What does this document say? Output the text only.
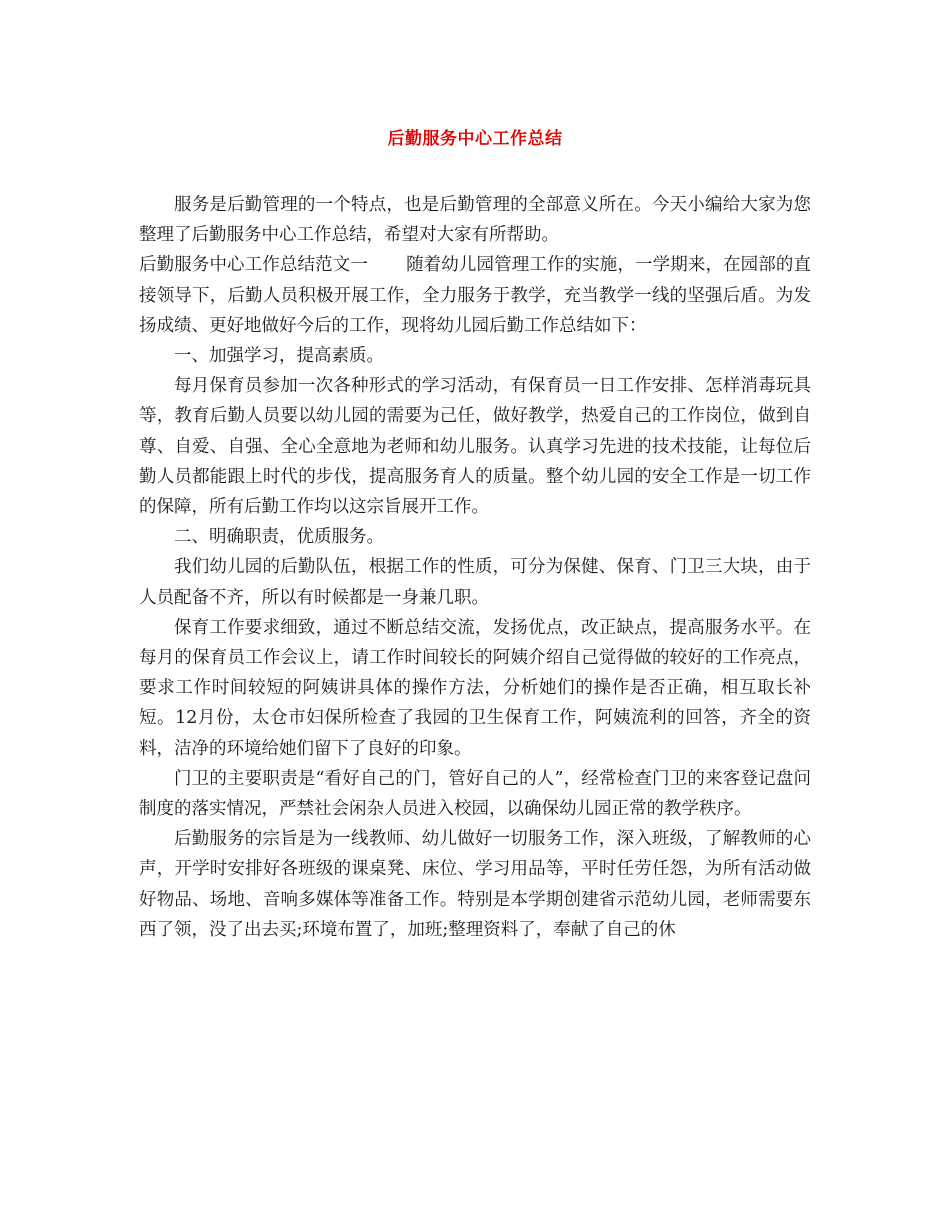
后勤服务中心工作总结

服务是后勤管理的一个特点，也是后勤管理的全部意义所在。今天小编给大家为您整理了后勤服务中心工作总结，希望对大家有所帮助。

后勤服务中心工作总结范文一 随着幼儿园管理工作的实施，一学期来，在园部的直接领导下，后勤人员积极开展工作，全力服务于教学，充当教学一线的坚强后盾。为发扬成绩、更好地做好今后的工作，现将幼儿园后勤工作总结如下：

一、加强学习，提高素质。

每月保育员参加一次各种形式的学习活动，有保育员一日工作安排、怎样消毒玩具等，教育后勤人员要以幼儿园的需要为己任，做好教学，热爱自己的工作岗位，做到自尊、自爱、自强、全心全意地为老师和幼儿服务。认真学习先进的技术技能，让每位后勤人员都能跟上时代的步伐，提高服务育人的质量。整个幼儿园的安全工作是一切工作的保障，所有后勤工作均以这宗旨展开工作。

二、明确职责，优质服务。

我们幼儿园的后勤队伍，根据工作的性质，可分为保健、保育、门卫三大块，由于人员配备不齐，所以有时候都是一身兼几职。

保育工作要求细致，通过不断总结交流，发扬优点，改正缺点，提高服务水平。在每月的保育员工作会议上，请工作时间较长的阿姨介绍自己觉得做的较好的工作亮点，要求工作时间较短的阿姨讲具体的操作方法，分析她们的操作是否正确，相互取长补短。12月份，太仓市妇保所检查了我园的卫生保育工作，阿姨流利的回答，齐全的资料，洁净的环境给她们留下了良好的印象。

门卫的主要职责是“看好自己的门，管好自己的人”，经常检查门卫的来客登记盘问制度的落实情况，严禁社会闲杂人员进入校园，以确保幼儿园正常的教学秩序。

后勤服务的宗旨是为一线教师、幼儿做好一切服务工作，深入班级，了解教师的心声，开学时安排好各班级的课桌凳、床位、学习用品等，平时任劳任怨，为所有活动做好物品、场地、音响多媒体等准备工作。特别是本学期创建省示范幼儿园，老师需要东西了领，没了出去买;环境布置了，加班;整理资料了，奉献了自己的休
